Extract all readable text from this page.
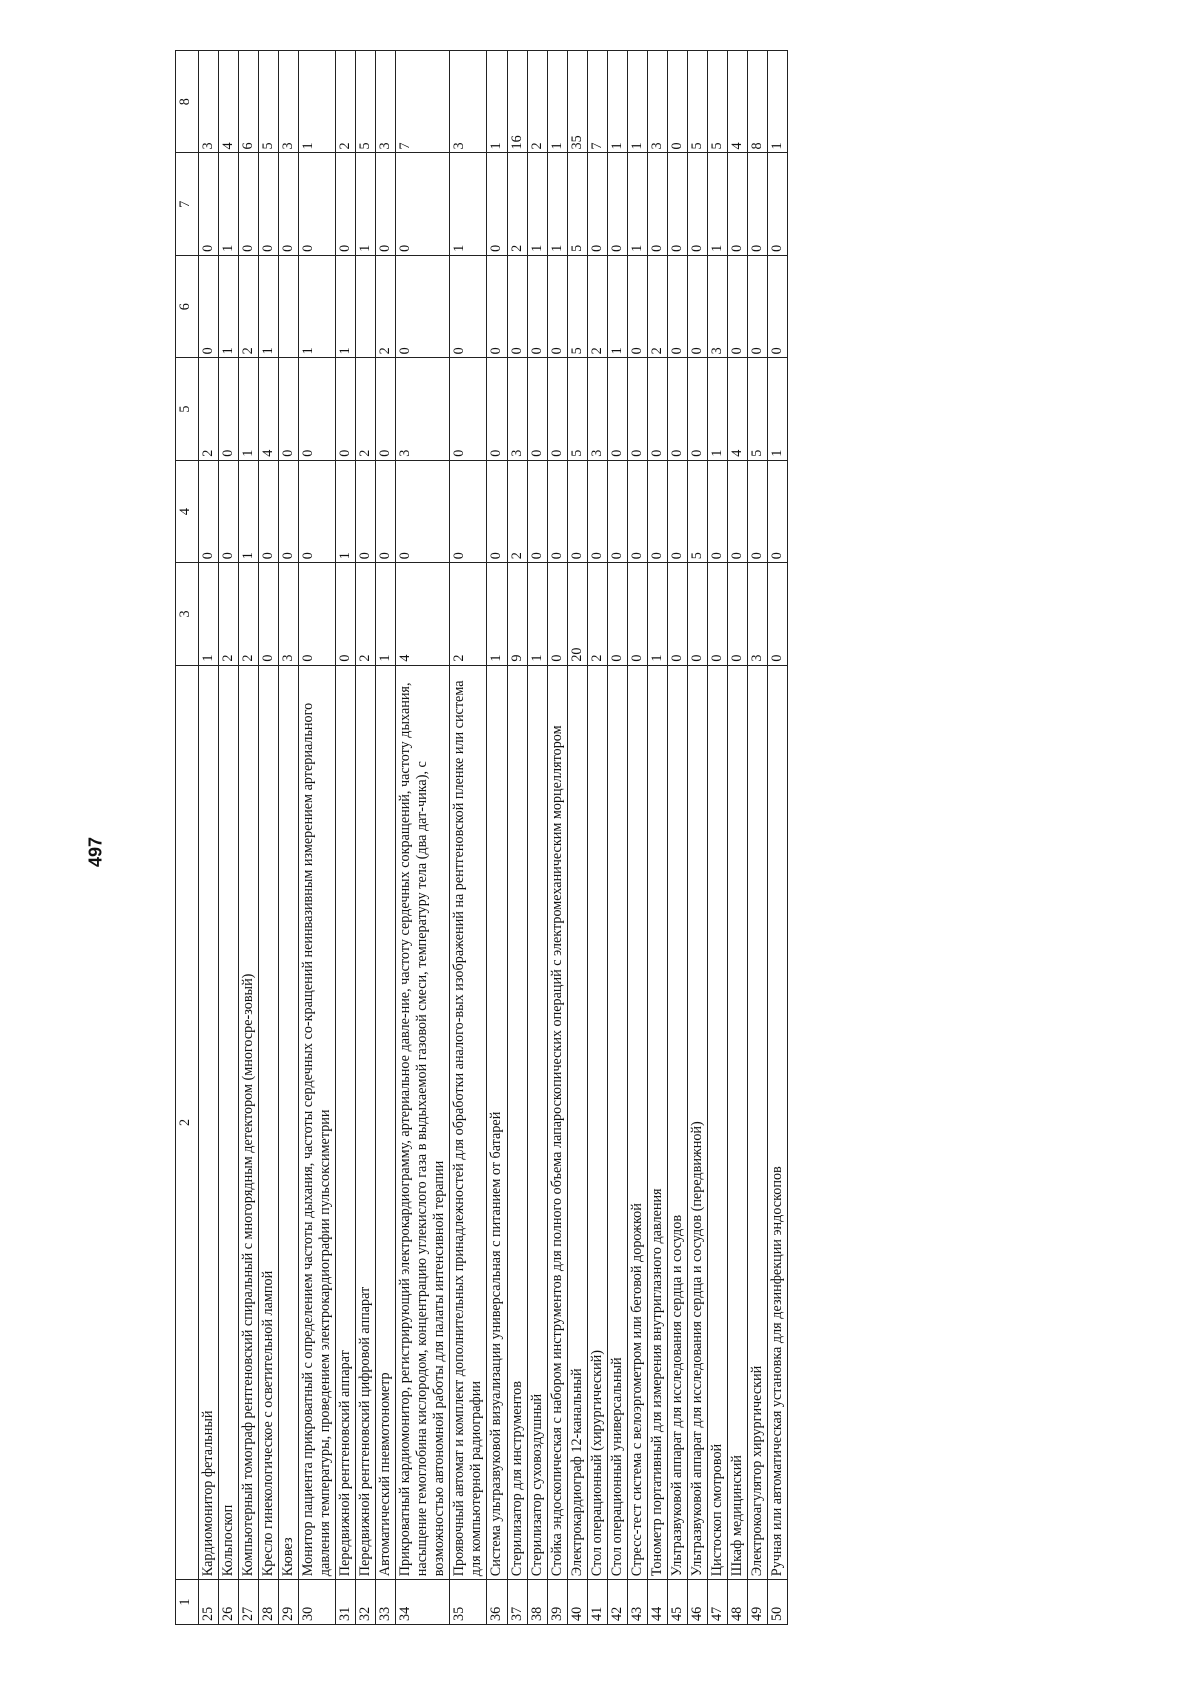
497
1	2	3	4	5	6	7	8
25	Кардиомонитор фетальный	1	0	2	0	0	3
26	Кольпоскоп	2	0	0	1	1	4
27	Компьютерный томограф рентгеновский спиральный с многорядным детектором (многосре-зовый)	2	1	1	2	0	6
28	Кресло гинекологическое с осветительной лампой	0	0	4	1	0	5
29	Кювез	3	0	0		0	3
30	Монитор пациента прикроватный с определением частоты дыхания, частоты сердечных со-кращений неинвазивным измерением артериального давления температуры, проведением электрокардиографии пульсоксиметрии	0	0	0	1	0	1
31	Передвижной рентгеновский аппарат	0	1	0	1	0	2
32	Передвижной рентгеновский цифровой аппарат	2	0	2		1	5
33	Автоматический пневмотонометр	1	0	0	2	0	3
34	Прикроватный кардиомонитор, регистрирующий электрокардиограмму, артериальное давле-ние, частоту сердечных сокращений, частоту дыхания, насыщение гемоглобина кислородом, концентрацию углекислого газа в выдыхаемой газовой смеси, температуру тела (два дат-чика), с возможностью автономной работы для палаты интенсивной терапии	4	0	3	0	0	7
35	Проявочный автомат и комплект дополнительных принадлежностей для обработки аналого-вых изображений на рентгеновской пленке или система для компьютерной радиографии	2	0	0	0	1	3
36	Система ультразвуковой визуализации универсальная с питанием от батарей	1	0	0	0	0	1
37	Стерилизатор для инструментов	9	2	3	0	2	16
38	Стерилизатор суховоздушный	1	0	0	0	1	2
39	Стойка эндоскопическая с набором инструментов для полного объема лапароскопических операций с электромеханическим морцеллятором	0	0	0	0	1	1
40	Электрокардиограф 12-канальный	20	0	5	5	5	35
41	Стол операционный (хирургический)	2	0	3	2	0	7
42	Стол операционный универсальный	0	0	0	1	0	1
43	Стресс-тест система с велоэргометром или беговой дорожкой	0	0	0	0	1	1
44	Тонометр портативный для измерения внутриглазного давления	1	0	0	2	0	3
45	Ультразвуковой аппарат для исследования сердца и сосудов	0	0	0	0	0	0
46	Ультразвуковой аппарат для исследования сердца и сосудов (передвижной)	0	5	0	0	0	5
47	Цистоскоп смотровой	0	0	1	3	1	5
48	Шкаф медицинский	0	0	4	0	0	4
49	Электрокоагулятор хирургический	3	0	5	0	0	8
50	Ручная или автоматическая установка для дезинфекции эндоскопов	0	0	1	0	0	1
